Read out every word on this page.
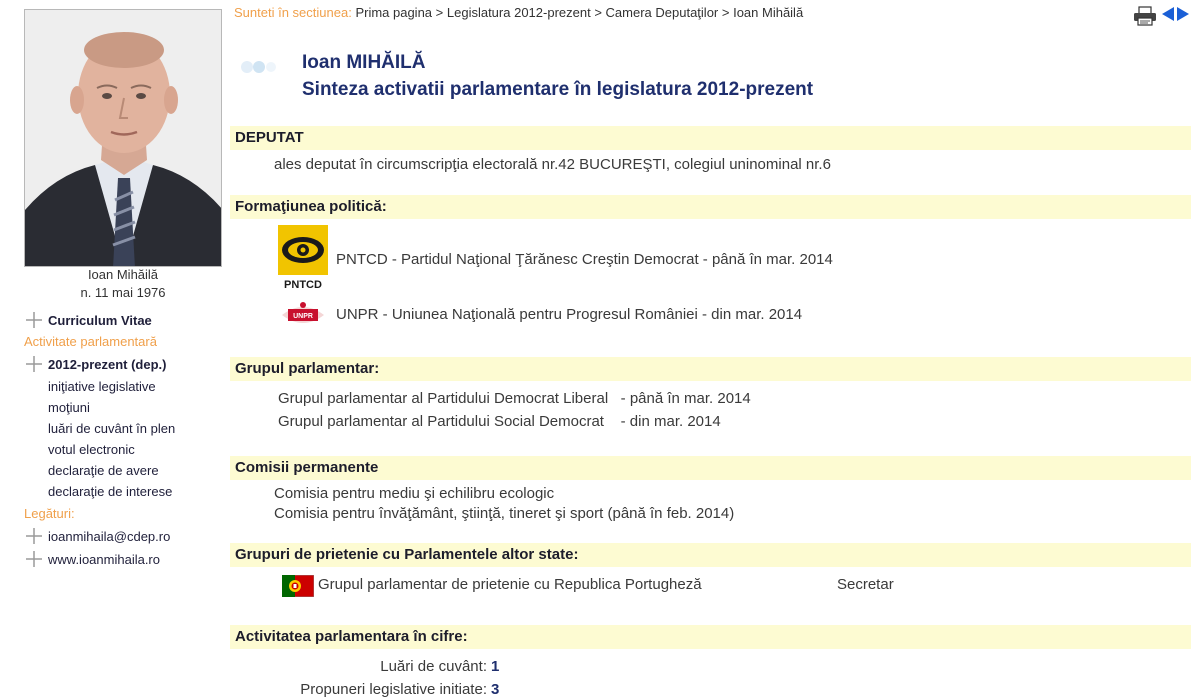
Ioan Mihăilă
n. 11 mai 1976
Curriculum Vitae
Activitate parlamentară
2012-prezent (dep.)
iniţiative legislative
moţiuni
luări de cuvânt în plen
votul electronic
declaraţie de avere
declaraţie de interese
Legături:
ioanmihaila@cdep.ro
www.ioanmihaila.ro
Sunteti în sectiunea: Prima pagina > Legislatura 2012-prezent > Camera Deputaţilor > Ioan Mihăilă
Ioan MIHĂILĂ
Sinteza activatii parlamentare în legislatura 2012-prezent
DEPUTAT
ales deputat în circumscripţia electorală nr.42 BUCUREŞTI, colegiul uninominal nr.6
Formaţiunea politică:
PNTCD
PNTCD - Partidul Naţional Ţărănesc Creştin Democrat - până în mar. 2014
UNPR UNPR - Uniunea Naţională pentru Progresul României - din mar. 2014
Grupul parlamentar:
Grupul parlamentar al Partidului Democrat Liberal   - până în mar. 2014
Grupul parlamentar al Partidului Social Democrat    - din mar. 2014
Comisii permanente
Comisia pentru mediu şi echilibru ecologic
Comisia pentru învăţământ, ştiinţă, tineret şi sport (până în feb. 2014)
Grupuri de prietenie cu Parlamentele altor state:
Grupul parlamentar de prietenie cu Republica Portugheză	Secretar
Activitatea parlamentara în cifre:
Luări de cuvânt: 1
Propuneri legislative initiate: 3
